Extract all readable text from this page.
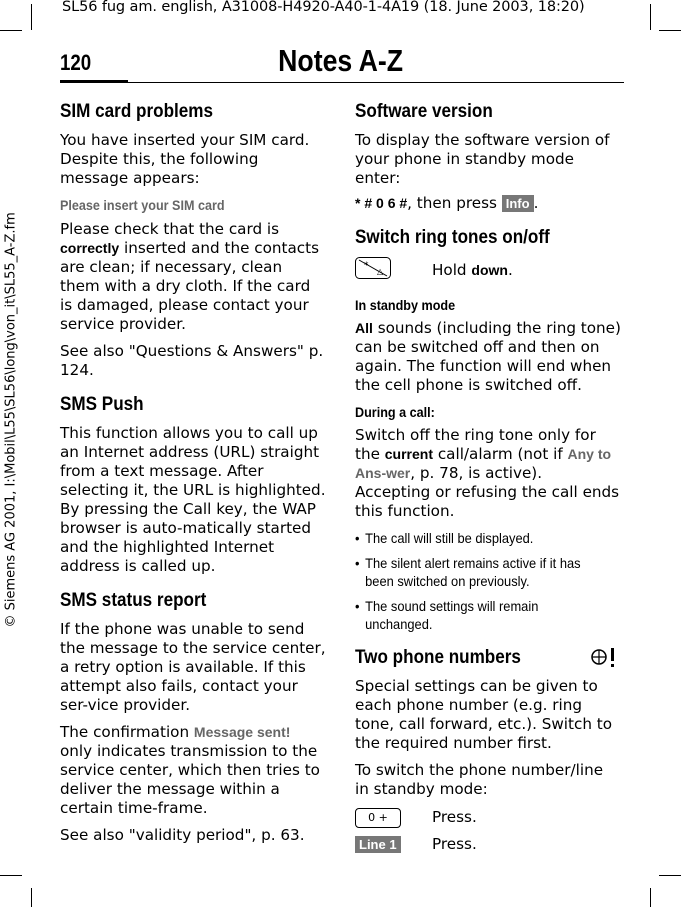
SL56 fug am. english, A31008-H4920-A40-1-4A19 (18. June 2003, 18:20)
120	Notes A-Z
© Siemens AG 2001, I:\Mobil\L55\SL56\long\von_it\SL55_A-Z.fm
SIM card problems

You have inserted your SIM card. Despite this, the following message appears:

Please insert your SIM card

Please check that the card is correctly inserted and the contacts are clean; if necessary, clean them with a dry cloth. If the card is damaged, please contact your service provider.

See also "Questions & Answers" p. 124.

SMS Push

This function allows you to call up an Internet address (URL) straight from a text message. After selecting it, the URL is highlighted. By pressing the Call key, the WAP browser is auto-matically started and the highlighted Internet address is called up.

SMS status report

If the phone was unable to send the message to the service center, a retry option is available. If this attempt also fails, contact your ser-vice provider.

The confirmation Message sent! only indicates transmission to the service center, which then tries to deliver the message within a certain time-frame.

See also "validity period", p. 63.

Software version

To display the software version of your phone in standby mode enter:

* # 0 6 #, then press Info .

Switch ring tones on/off
*
△	Hold down.
In standby mode

All sounds (including the ring tone) can be switched off and then on again. The function will end when the cell phone is switched off.

During a call:

Switch off the ring tone only for the current call/alarm (not if Any to Ans-wer, p. 78, is active). Accepting or refusing the call ends this function.

• The call will still be displayed.
• The silent alert remains active if it has been switched on previously.
• The sound settings will remain unchanged.
Two phone numbers

Special settings can be given to each phone number (e.g. ring tone, call forward, etc.). Switch to the required number first.

To switch the phone number/line in standby mode:

0 +	Press.
Line 1	Press.
